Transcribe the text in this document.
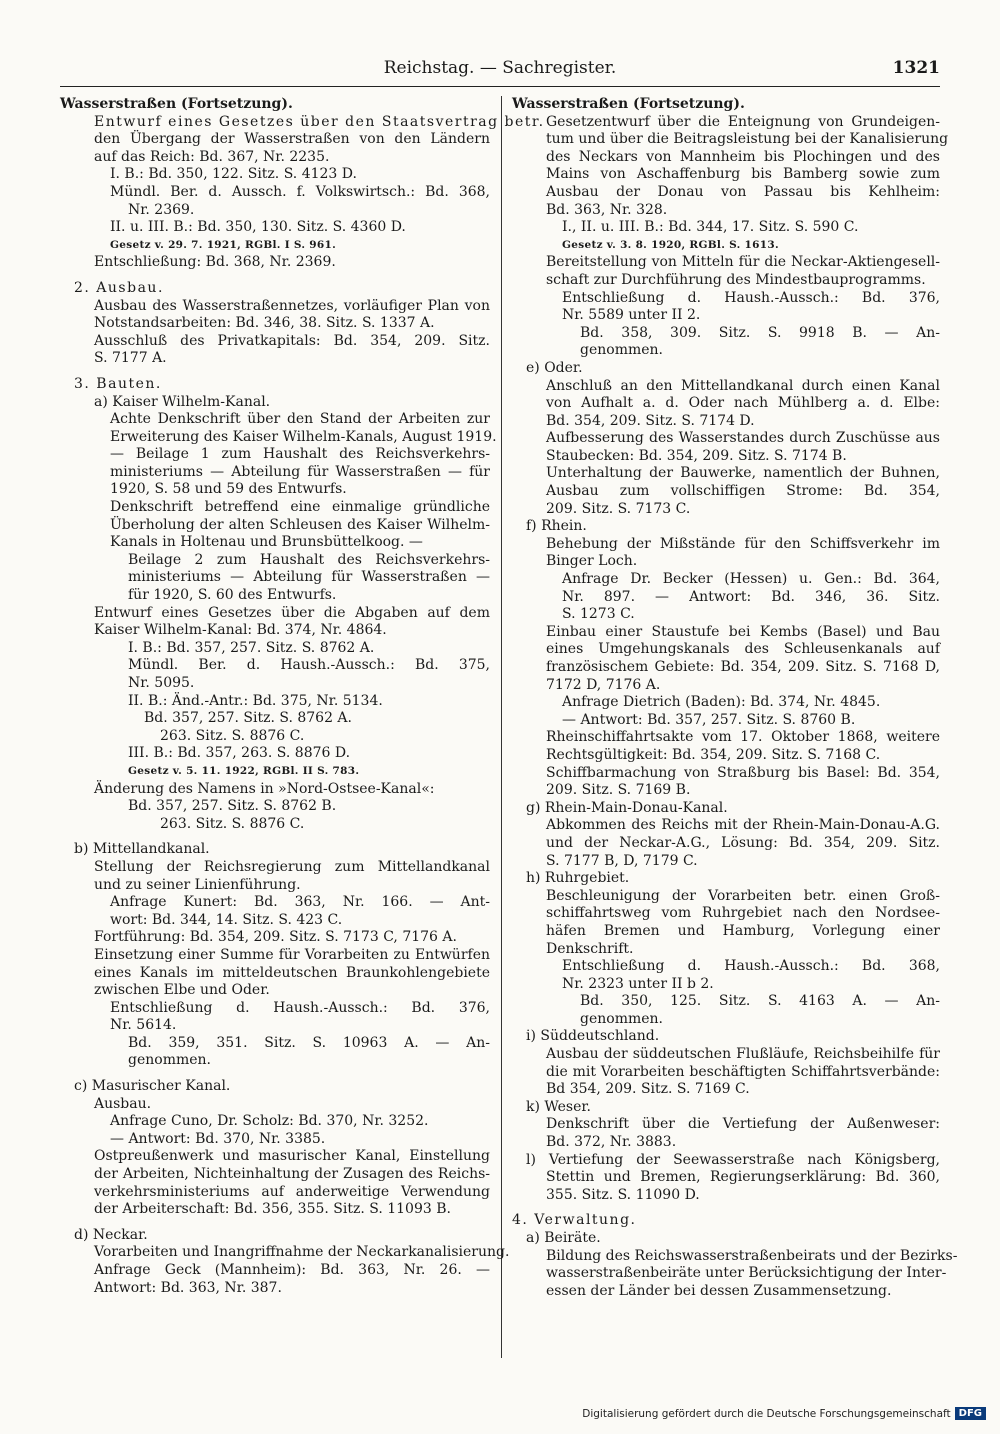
Reichstag. — Sachregister.	1321
Wasserstraßen (Fortsetzung).
Entwurf eines Gesetzes über den Staatsvertrag betr.
den Übergang der Wasserstraßen von den Ländern
auf das Reich: Bd. 367, Nr. 2235.
I. B.: Bd. 350, 122. Sitz. S. 4123 D.
Mündl. Ber. d. Aussch. f. Volkswirtsch.: Bd. 368,
Nr. 2369.
II. u. III. B.: Bd. 350, 130. Sitz. S. 4360 D.
Gesetz v. 29. 7. 1921, RGBl. I S. 961.
Entschließung: Bd. 368, Nr. 2369.
2. Ausbau.
Ausbau des Wasserstraßennetzes, vorläufiger Plan von
Notstandsarbeiten: Bd. 346, 38. Sitz. S. 1337 A.
Ausschluß des Privatkapitals: Bd. 354, 209. Sitz.
S. 7177 A.
3. Bauten.
a) Kaiser Wilhelm-Kanal.
Achte Denkschrift über den Stand der Arbeiten zur
Erweiterung des Kaiser Wilhelm-Kanals, August 1919.
— Beilage 1 zum Haushalt des Reichsverkehrs-
ministeriums — Abteilung für Wasserstraßen — für
1920, S. 58 und 59 des Entwurfs.
Denkschrift betreffend eine einmalige gründliche
Überholung der alten Schleusen des Kaiser Wilhelm-
Kanals in Holtenau und Brunsbüttelkoog. —
Beilage 2 zum Haushalt des Reichsverkehrs-
ministeriums — Abteilung für Wasserstraßen —
für 1920, S. 60 des Entwurfs.
Entwurf eines Gesetzes über die Abgaben auf dem
Kaiser Wilhelm-Kanal: Bd. 374, Nr. 4864.
I. B.: Bd. 357, 257. Sitz. S. 8762 A.
Mündl. Ber. d. Haush.-Aussch.: Bd. 375,
Nr. 5095.
II. B.: Änd.-Antr.: Bd. 375, Nr. 5134.
Bd. 357, 257. Sitz. S. 8762 A.
263. Sitz. S. 8876 C.
III. B.: Bd. 357, 263. S. 8876 D.
Gesetz v. 5. 11. 1922, RGBl. II S. 783.
Änderung des Namens in »Nord-Ostsee-Kanal«:
Bd. 357, 257. Sitz. S. 8762 B.
263. Sitz. S. 8876 C.
b) Mittellandkanal.
Stellung der Reichsregierung zum Mittellandkanal
und zu seiner Linienführung.
Anfrage Kunert: Bd. 363, Nr. 166. — Ant-
wort: Bd. 344, 14. Sitz. S. 423 C.
Fortführung: Bd. 354, 209. Sitz. S. 7173 C, 7176 A.
Einsetzung einer Summe für Vorarbeiten zu Entwürfen
eines Kanals im mitteldeutschen Braunkohlengebiete
zwischen Elbe und Oder.
Entschließung d. Haush.-Aussch.: Bd. 376,
Nr. 5614.
Bd. 359, 351. Sitz. S. 10963 A. — An-
genommen.
c) Masurischer Kanal.
Ausbau.
Anfrage Cuno, Dr. Scholz: Bd. 370, Nr. 3252.
— Antwort: Bd. 370, Nr. 3385.
Ostpreußenwerk und masurischer Kanal, Einstellung
der Arbeiten, Nichteinhaltung der Zusagen des Reichs-
verkehrsministeriums auf anderweitige Verwendung
der Arbeiterschaft: Bd. 356, 355. Sitz. S. 11093 B.
d) Neckar.
Vorarbeiten und Inangriffnahme der Neckarkanalisierung.
Anfrage Geck (Mannheim): Bd. 363, Nr. 26. —
Antwort: Bd. 363, Nr. 387.
Wasserstraßen (Fortsetzung).
Gesetzentwurf über die Enteignung von Grundeigen-
tum und über die Beitragsleistung bei der Kanalisierung
des Neckars von Mannheim bis Plochingen und des
Mains von Aschaffenburg bis Bamberg sowie zum
Ausbau der Donau von Passau bis Kehlheim:
Bd. 363, Nr. 328.
I., II. u. III. B.: Bd. 344, 17. Sitz. S. 590 C.
Gesetz v. 3. 8. 1920, RGBl. S. 1613.
Bereitstellung von Mitteln für die Neckar-Aktiengesell-
schaft zur Durchführung des Mindestbauprogramms.
Entschließung d. Haush.-Aussch.: Bd. 376,
Nr. 5589 unter II 2.
Bd. 358, 309. Sitz. S. 9918 B. — An-
genommen.
e) Oder.
Anschluß an den Mittellandkanal durch einen Kanal
von Aufhalt a. d. Oder nach Mühlberg a. d. Elbe:
Bd. 354, 209. Sitz. S. 7174 D.
Aufbesserung des Wasserstandes durch Zuschüsse aus
Staubecken: Bd. 354, 209. Sitz. S. 7174 B.
Unterhaltung der Bauwerke, namentlich der Buhnen,
Ausbau zum vollschiffigen Strome: Bd. 354,
209. Sitz. S. 7173 C.
f) Rhein.
Behebung der Mißstände für den Schiffsverkehr im
Binger Loch.
Anfrage Dr. Becker (Hessen) u. Gen.: Bd. 364,
Nr. 897. — Antwort: Bd. 346, 36. Sitz.
S. 1273 C.
Einbau einer Staustufe bei Kembs (Basel) und Bau
eines Umgehungskanals des Schleusenkanals auf
französischem Gebiete: Bd. 354, 209. Sitz. S. 7168 D,
7172 D, 7176 A.
Anfrage Dietrich (Baden): Bd. 374, Nr. 4845.
— Antwort: Bd. 357, 257. Sitz. S. 8760 B.
Rheinschiffahrtsakte vom 17. Oktober 1868, weitere
Rechtsgültigkeit: Bd. 354, 209. Sitz. S. 7168 C.
Schiffbarmachung von Straßburg bis Basel: Bd. 354,
209. Sitz. S. 7169 B.
g) Rhein-Main-Donau-Kanal.
Abkommen des Reichs mit der Rhein-Main-Donau-A.G.
und der Neckar-A.G., Lösung: Bd. 354, 209. Sitz.
S. 7177 B, D, 7179 C.
h) Ruhrgebiet.
Beschleunigung der Vorarbeiten betr. einen Groß-
schiffahrtsweg vom Ruhrgebiet nach den Nordsee-
häfen Bremen und Hamburg, Vorlegung einer
Denkschrift.
Entschließung d. Haush.-Aussch.: Bd. 368,
Nr. 2323 unter II b 2.
Bd. 350, 125. Sitz. S. 4163 A. — An-
genommen.
i) Süddeutschland.
Ausbau der süddeutschen Flußläufe, Reichsbeihilfe für
die mit Vorarbeiten beschäftigten Schiffahrtsverbände:
Bd 354, 209. Sitz. S. 7169 C.
k) Weser.
Denkschrift über die Vertiefung der Außenweser:
Bd. 372, Nr. 3883.
l) Vertiefung der Seewasserstraße nach Königsberg,
Stettin und Bremen, Regierungserklärung: Bd. 360,
355. Sitz. S. 11090 D.
4. Verwaltung.
a) Beiräte.
Bildung des Reichswasserstraßenbeirats und der Bezirks-
wasserstraßenbeiräte unter Berücksichtigung der Inter-
essen der Länder bei dessen Zusammensetzung.
Digitalisierung gefördert durch die Deutsche Forschungsgemeinschaft DFG
